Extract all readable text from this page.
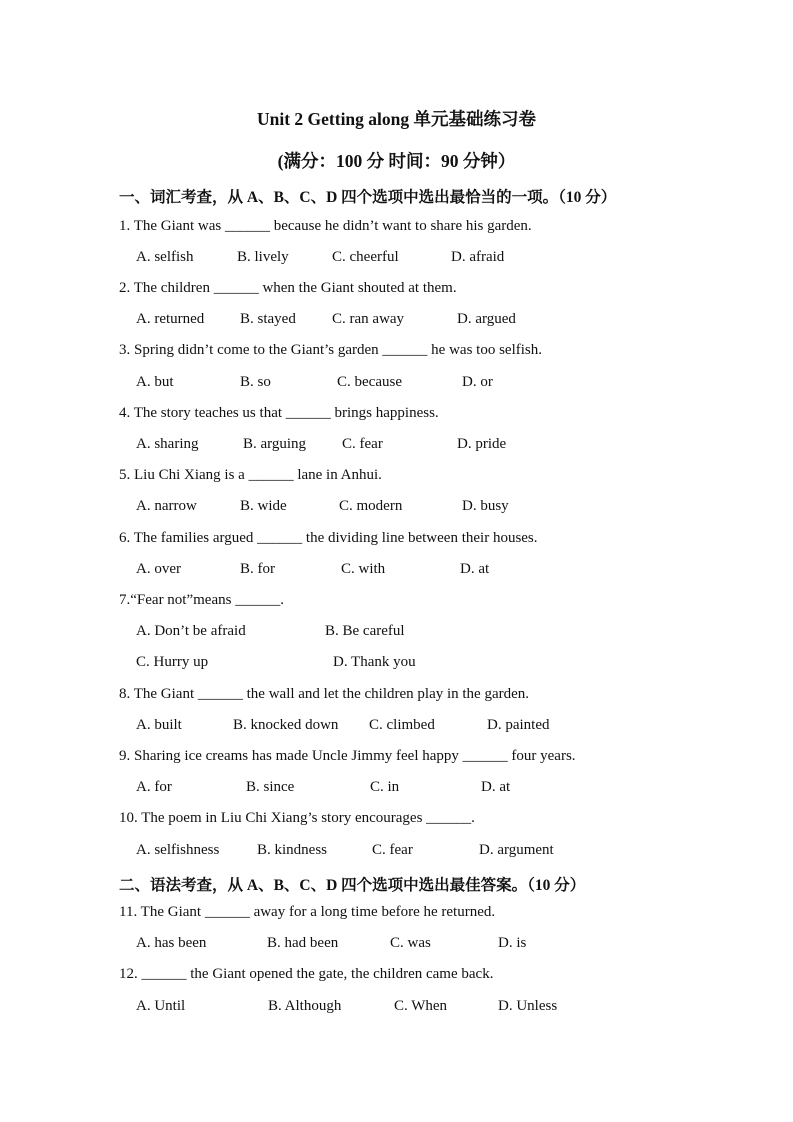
Unit 2 Getting along 单元基础练习卷
(满分：100 分 时间：90 分钟）
一、词汇考查，从 A、B、C、D 四个选项中选出最恰当的一项。（10 分）
1. The Giant was ______ because he didn’t want to share his garden.
A. selfish	B. lively	C. cheerful	D. afraid
2. The children ______ when the Giant shouted at them.
A. returned B. stayed C. ran away	D. argued
3. Spring didn’t come to the Giant’s garden ______ he was too selfish.
A. but	B. so	C. because	D. or
4. The story teaches us that ______ brings happiness.
A. sharing	B. arguing C. fear	D. pride
5. Liu Chi Xiang is a ______ lane in Anhui.
A. narrow	B. wide	C. modern	D. busy
6. The families argued ______ the dividing line between their houses.
A. over	B. for	C. with	D. at
7.“Fear not”means ______.
A. Don’t be afraid	B. Be careful
C. Hurry up	D. Thank you
8. The Giant ______ the wall and let the children play in the garden.
A. built	B. knocked down C. climbed	D. painted
9. Sharing ice creams has made Uncle Jimmy feel happy ______ four years.
A. for	B. since	C. in	D. at
10. The poem in Liu Chi Xiang’s story encourages ______.
A. selfishness	B. kindness	C. fear	D. argument
二、语法考查，从 A、B、C、D 四个选项中选出最佳答案。（10 分）
11. The Giant ______ away for a long time before he returned.
A. has been	B. had been	C. was	D. is
12. ______ the Giant opened the gate, the children came back.
A. Until	B. Although	C. When	D. Unless
